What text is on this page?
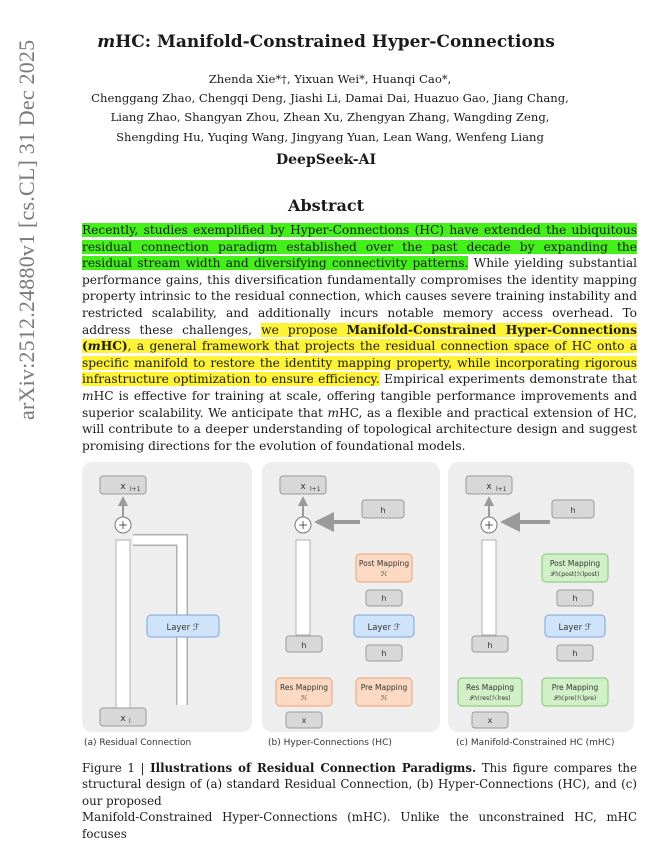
mHC: Manifold-Constrained Hyper-Connections
Zhenda Xie*†, Yixuan Wei*, Huanqi Cao*,
Chenggang Zhao, Chengqi Deng, Jiashi Li, Damai Dai, Huazuo Gao, Jiang Chang,
Liang Zhao, Shangyan Zhou, Zhean Xu, Zhengyan Zhang, Wangding Zeng,
Shengding Hu, Yuqing Wang, Jingyang Yuan, Lean Wang, Wenfeng Liang
DeepSeek-AI
arXiv:2512.24880v1 [cs.CL] 31 Dec 2025	Abstract

Recently, studies exemplified by Hyper-Connections (HC) have extended the ubiquitous residual connection paradigm established over the past decade by expanding the residual stream width and diversifying connectivity patterns. While yielding substantial performance gains, this diversification fundamentally compromises the identity mapping property intrinsic to the residual connection, which causes severe training instability and restricted scalability, and additionally incurs notable memory access overhead. To address these challenges, we propose Manifold-Constrained Hyper-Connections (mHC), a general framework that projects the residual connection space of HC onto a specific manifold to restore the identity mapping property, while incorporating rigorous infrastructure optimization to ensure efficiency. Empirical experiments demonstrate that mHC is effective for training at scale, offering tangible performance improvements and superior scalability. We anticipate that mHC, as a flexible and practical extension of HC, will contribute to a deeper understanding of topological architecture design and suggest promising directions for the evolution of foundational models.

x l+1
+
Layer ℱ
x l
(a) Residual Connection
x l+1
+
h
Res Mapping
ℋ
x
h
Post Mapping
ℋ
h
Layer ℱ
h
Pre Mapping
ℋ
(b) Hyper-Connections (HC)
x l+1
+
h
Res Mapping
𝒫ℳres(ℋlres)
x
h
Post Mapping
𝒫ℳpost(ℋlpost)
h
Layer ℱ
h
Pre Mapping
𝒫ℳpre(ℋlpre)
(c) Manifold-Constrained HC (mHC)
Figure 1 | Illustrations of Residual Connection Paradigms. This figure compares the structural design of (a) standard Residual Connection, (b) Hyper-Connections (HC), and (c) our proposed
Manifold-Constrained Hyper-Connections (mHC). Unlike the unconstrained HC, mHC focuses
